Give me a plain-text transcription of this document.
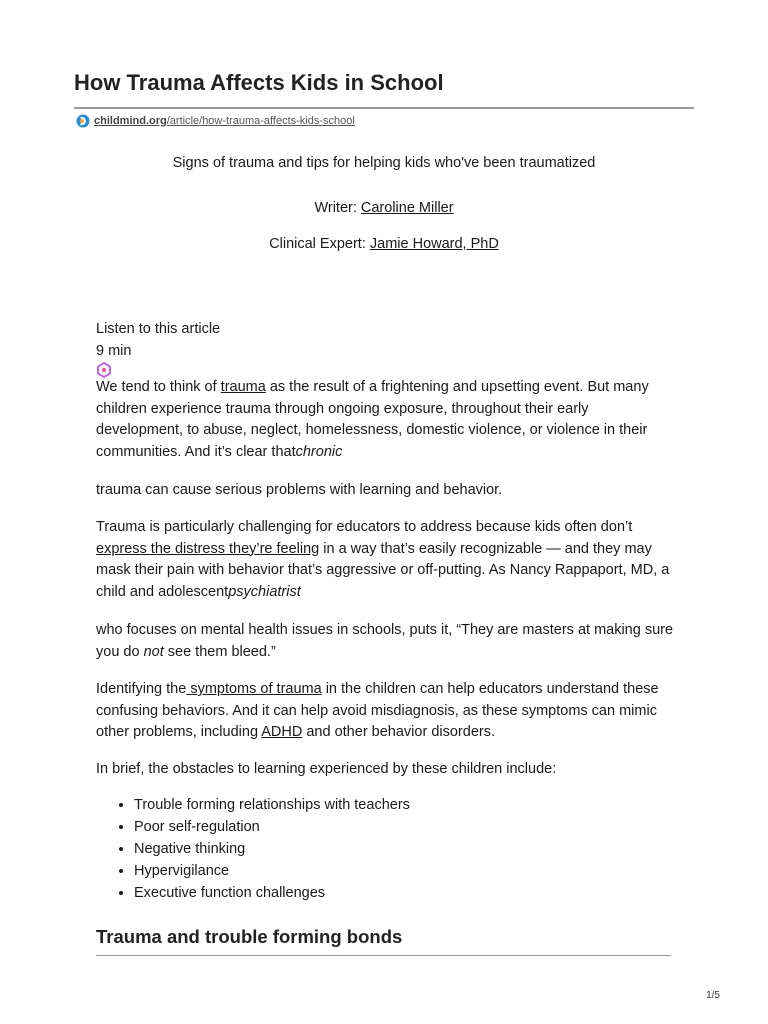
How Trauma Affects Kids in School
childmind.org /article/how-trauma-affects-kids-school
Signs of trauma and tips for helping kids who've been traumatized
Writer: Caroline Miller
Clinical Expert: Jamie Howard, PhD
Listen to this article
9 min

We tend to think of trauma as the result of a frightening and upsetting event. But many children experience trauma through ongoing exposure, throughout their early development, to abuse, neglect, homelessness, domestic violence, or violence in their communities. And it’s clear thatchronic

trauma can cause serious problems with learning and behavior.

Trauma is particularly challenging for educators to address because kids often don’t express the distress they’re feeling in a way that’s easily recognizable — and they may mask their pain with behavior that’s aggressive or off-putting. As Nancy Rappaport, MD, a child and adolescentpsychiatrist

who focuses on mental health issues in schools, puts it, “They are masters at making sure you do not see them bleed.”

Identifying the symptoms of trauma in the children can help educators understand these confusing behaviors. And it can help avoid misdiagnosis, as these symptoms can mimic other problems, including ADHD and other behavior disorders.

In brief, the obstacles to learning experienced by these children include:

• Trouble forming relationships with teachers
• Poor self-regulation
• Negative thinking
• Hypervigilance
• Executive function challenges
Trauma and trouble forming bonds
1/5
